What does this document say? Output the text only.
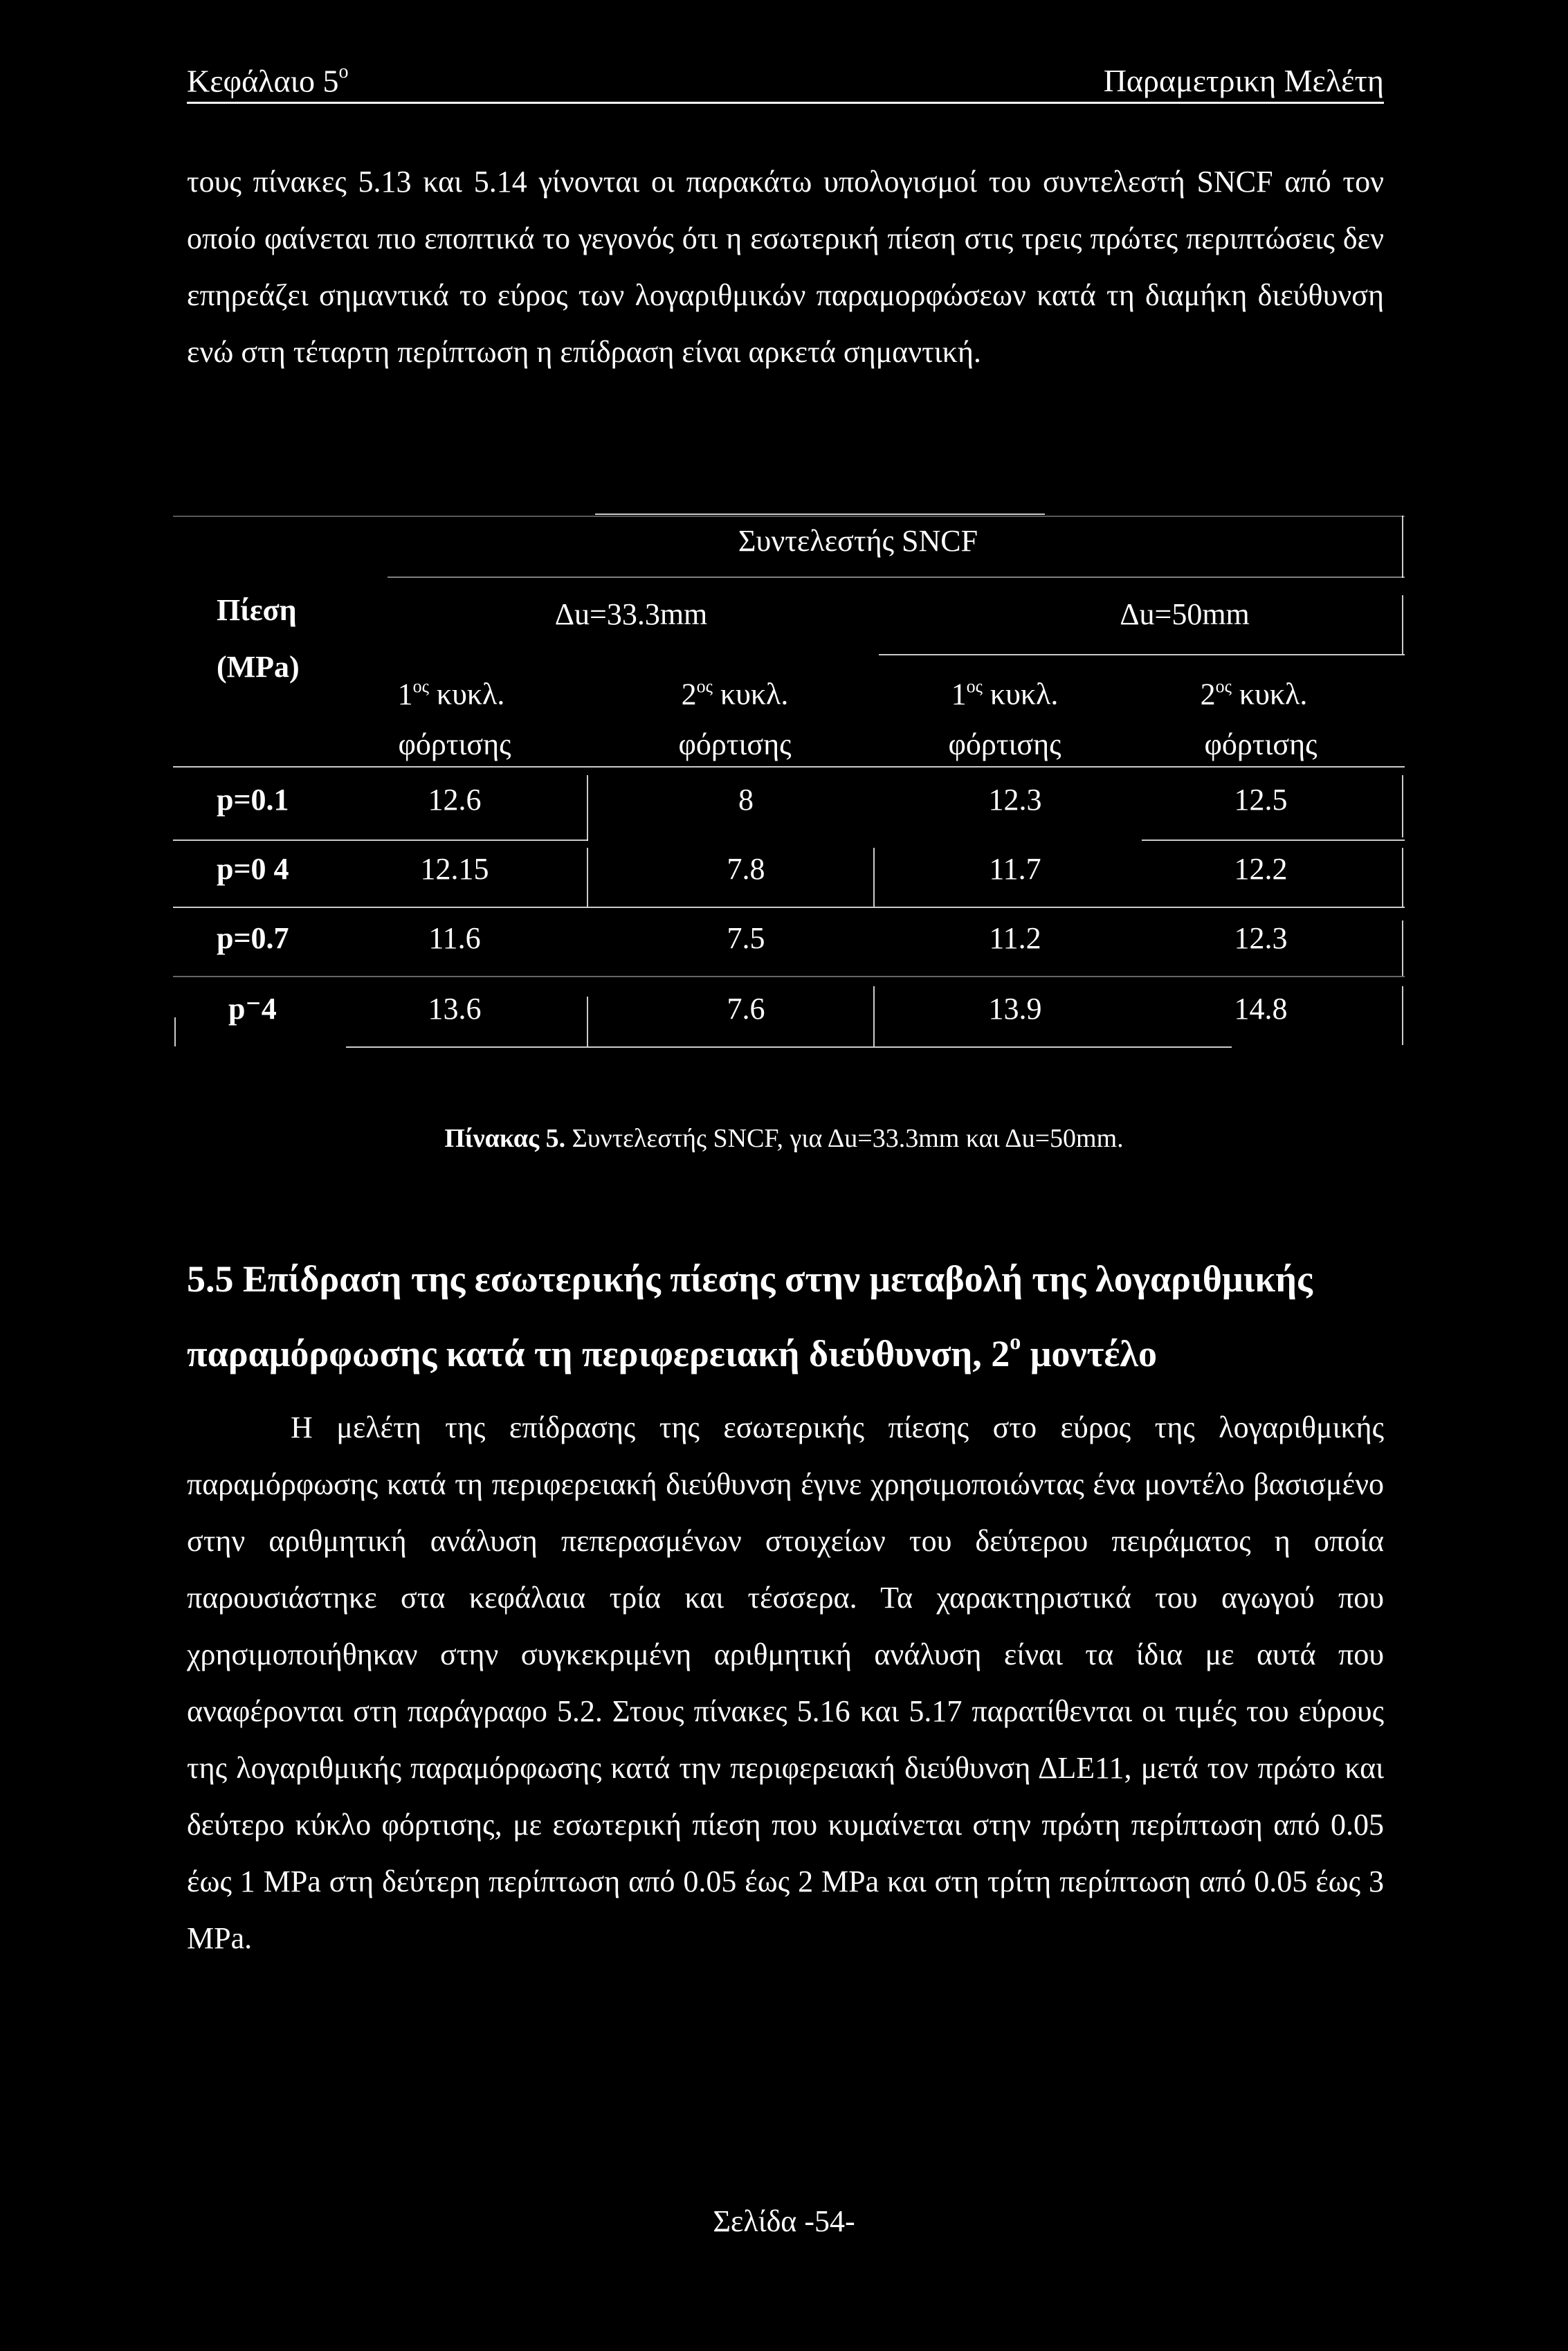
Κεφάλαιο $5^o$	Παραμετρικη Μελέτη

τους πίνακες 5.13 και 5.14 γίνονται οι παρακάτω υπολογισμοί του συντελεστή SNCF από τον οποίο φαίνεται πιο εποπτικά το γεγονός ότι η εσωτερική πίεση στις τρεις πρώτες περιπτώσεις δεν επηρεάζει σημαντικά το εύρος των λογαριθμικών παραμορφώσεων κατά τη διαμήκη διεύθυνση ενώ στη τέταρτη περίπτωση η επίδραση είναι αρκετά σημαντική.

Συντελεστής SNCF
Πίεση
(MPa)
Δu=33.3mm	Δu=50mm
$1^{o\varsigma}$ κυκλ.	$2^{o\varsigma}$ κυκλ.	$1^{o\varsigma}$ κυκλ.	$2^{o\varsigma}$ κυκλ.
φόρτισης	φόρτισης	φόρτισης	φόρτισης
p=0.1	12.6	8	12.3	12.5
p=0 4	12.15	7.8	11.7	12.2
p=0.7	11.6	7.5	11.2	12.3
p⁻4	13.6	7.6	13.9	14.8
Πίνακας 5. Συντελεστής SNCF, για Δu=33.3mm και Δu=50mm.
5.5 Επίδραση της εσωτερικής πίεσης στην μεταβολή της λογαριθμικής παραμόρφωσης κατά τη περιφερειακή διεύθυνση, $2^o$ μοντέλο

Η μελέτη της επίδρασης της εσωτερικής πίεσης στο εύρος της λογαριθμικής παραμόρφωσης κατά τη περιφερειακή διεύθυνση έγινε χρησιμοποιώντας ένα μοντέλο βασισμένο στην αριθμητική ανάλυση πεπερασμένων στοιχείων του δεύτερου πειράματος η οποία παρουσιάστηκε στα κεφάλαια τρία και τέσσερα. Τα χαρακτηριστικά του αγωγού που χρησιμοποιήθηκαν στην συγκεκριμένη αριθμητική ανάλυση είναι τα ίδια με αυτά που αναφέρονται στη παράγραφο 5.2. Στους πίνακες 5.16 και 5.17 παρατίθενται οι τιμές του εύρους της λογαριθμικής παραμόρφωσης κατά την περιφερειακή διεύθυνση ΔLE11, μετά τον πρώτο και δεύτερο κύκλο φόρτισης, με εσωτερική πίεση που κυμαίνεται στην πρώτη περίπτωση από 0.05 έως 1 MPa στη δεύτερη περίπτωση από 0.05 έως 2 MPa και στη τρίτη περίπτωση από 0.05 έως 3 MPa.

Σελίδα -54-
